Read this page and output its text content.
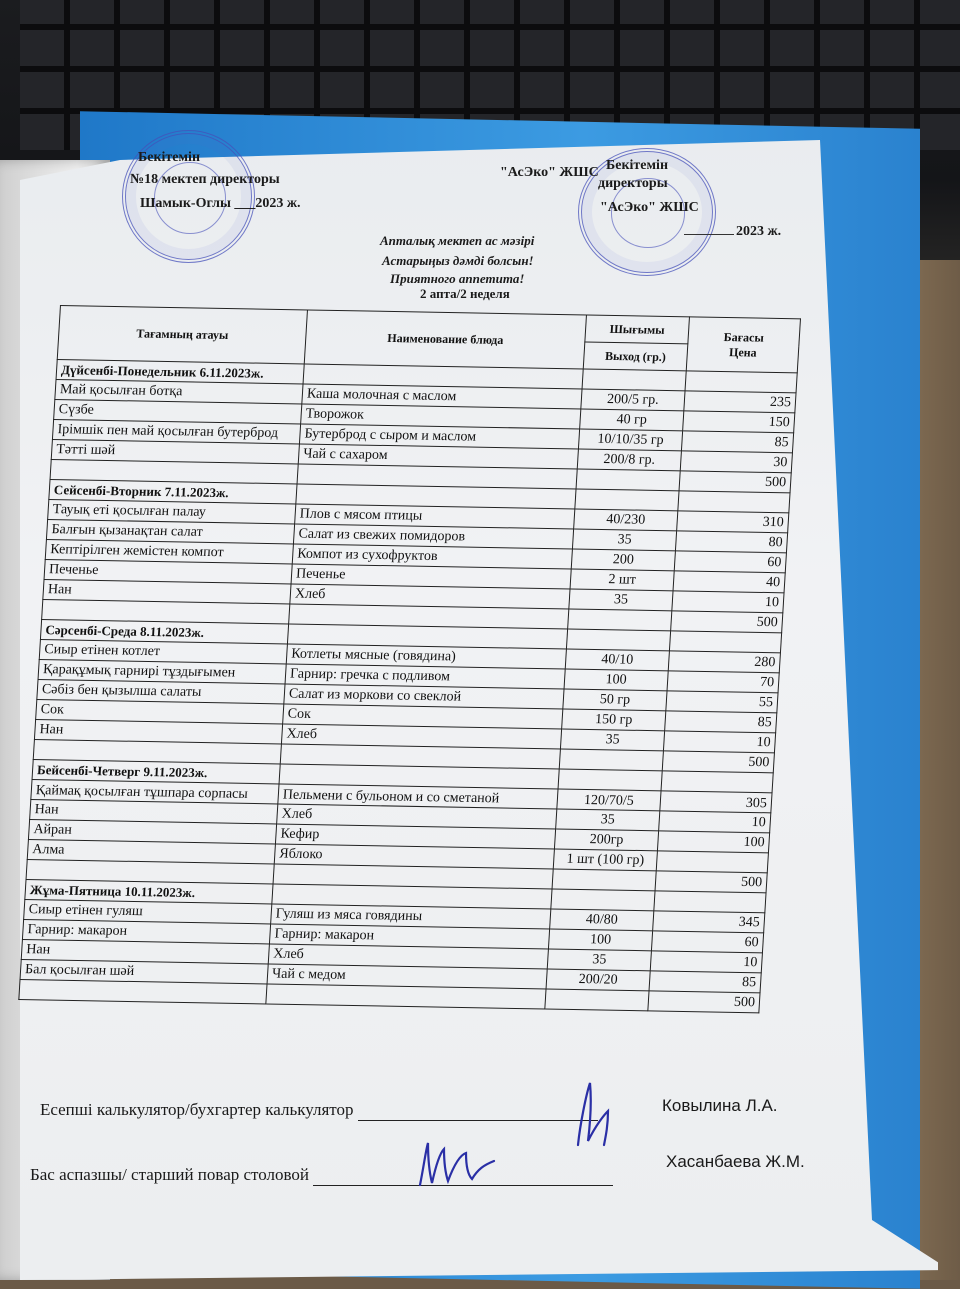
Бекітемін
№18 мектеп директоры
Шамык-Оглы ___2023 ж.
"АсЭко" ЖШС Бекітемін
директоры
"АсЭко" ЖШС
2023 ж.
Апталық мектеп ас мәзірі
Астарыңыз дәмді болсын!
Приятного аппетита!
2 апта/2 неделя
Тағамның атауы	Наименование блюда	Шығымы	Бағасы
Цена

		Выход (гр.)	
Дүйсенбі-Понедельник 6.11.2023ж.			
Май қосылған ботқа	Каша молочная с маслом	200/5 гр.	235
Сүзбе	Творожок	40 гр	150
Ірімшік пен май қосылған бутерброд	Бутерброд с сыром и маслом	10/10/35 гр	85
Тәтті шәй	Чай с сахаром	200/8 гр.	30
			500
Сейсенбі-Вторник 7.11.2023ж.			
Тауық еті қосылған палау	Плов с мясом птицы	40/230	310
Балғын қызанақтан салат	Салат из свежих помидоров	35	80
Кептірілген жемістен компот	Компот из сухофруктов	200	60
Печенье	Печенье	2 шт	40
Нан	Хлеб	35	10
			500
Сәрсенбі-Среда 8.11.2023ж.			
Сиыр етінен котлет	Котлеты мясные (говядина)	40/10	280
Қарақұмық гарнирі тұздығымен	Гарнир: гречка с подливом	100	70
Сәбіз бен қызылша салаты	Салат из моркови со свеклой	50 гр	55
Сок	Сок	150 гр	85
Нан	Хлеб	35	10
			500
Бейсенбі-Четверг 9.11.2023ж.			
Қаймақ қосылған тұшпара сорпасы	Пельмени с бульоном и со сметаной	120/70/5	305
Нан	Хлеб	35	10
Айран	Кефир	200гр	100
Алма	Яблоко	1 шт (100 гр)	
			500
Жұма-Пятница 10.11.2023ж.			
Сиыр етінен гуляш	Гуляш из мяса говядины	40/80	345
Гарнир: макарон	Гарнир: макарон	100	60
Нан	Хлеб	35	10
Бал қосылған шәй	Чай с медом	200/20	85
			500
Есепші калькулятор/бухгартер калькулятор	Ковылина Л.А.
Бас аспазшы/ старший повар столовой
Хасанбаева Ж.М.
